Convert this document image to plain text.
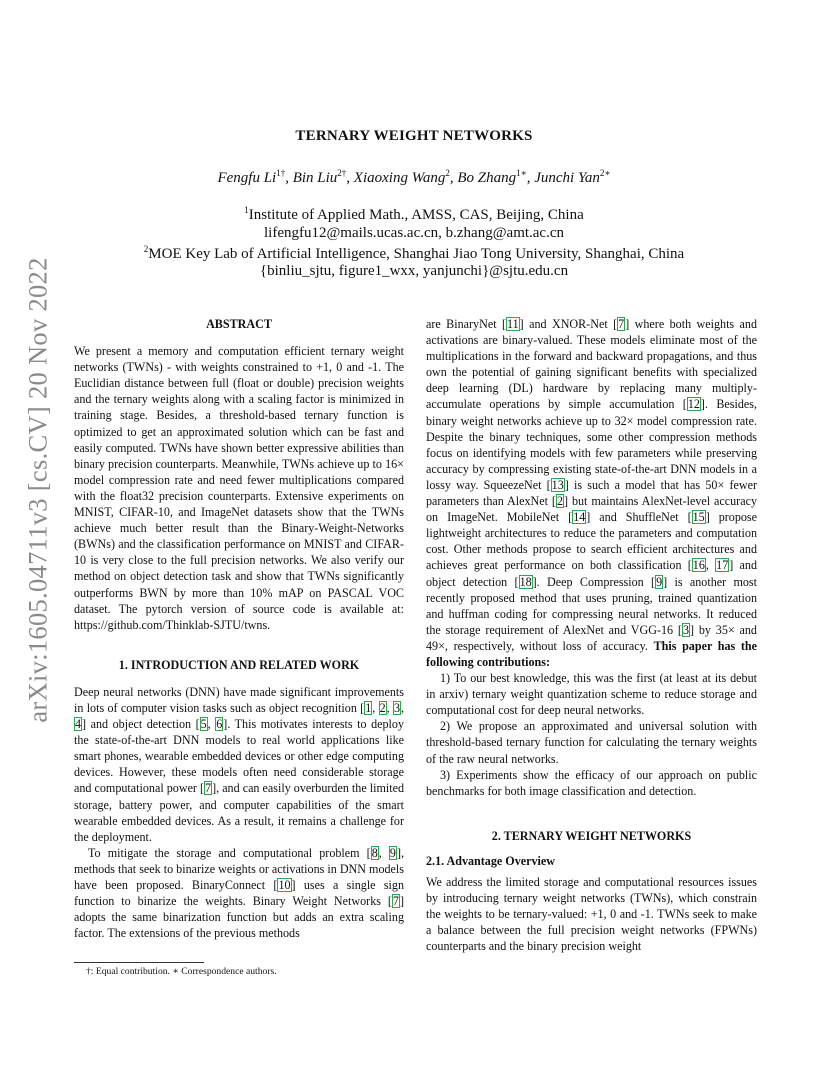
arXiv:1605.04711v3 [cs.CV] 20 Nov 2022
TERNARY WEIGHT NETWORKS
Fengfu $Li^{1\dagger}$, Bin Liu$^{2\dagger}$, Xiaoxing Wang$^2$, Bo Zhang$^{1∗}$, Junchi Yan$^{2∗}$
$^1$Institute of Applied Math., AMSS, CAS, Beijing, China
lifengfu12@mails.ucas.ac.cn, b.zhang@amt.ac.cn
$^2$MOE Key Lab of Artificial Intelligence, Shanghai Jiao Tong University, Shanghai, China
{binliu_sjtu, figure1_wxx, yanjunchi}@sjtu.edu.cn

ABSTRACT

We present a memory and computation efficient ternary weight networks (TWNs) - with weights constrained to +1, 0 and -1. The Euclidian distance between full (float or double) precision weights and the ternary weights along with a scaling factor is minimized in training stage. Besides, a threshold-based ternary function is optimized to get an approximated solution which can be fast and easily computed. TWNs have shown better expressive abilities than binary precision counterparts. Meanwhile, TWNs achieve up to 16× model compression rate and need fewer multiplications compared with the float32 precision counterparts. Extensive experiments on MNIST, CIFAR-10, and ImageNet datasets show that the TWNs achieve much better result than the Binary-Weight-Networks (BWNs) and the classification performance on MNIST and CIFAR-10 is very close to the full precision networks. We also verify our method on object detection task and show that TWNs significantly outperforms BWN by more than 10% mAP on PASCAL VOC dataset. The pytorch version of source code is available at: https://github.com/Thinklab-SJTU/twns.

1. INTRODUCTION AND RELATED WORK

Deep neural networks (DNN) have made significant improvements in lots of computer vision tasks such as object recognition [1, 2, 3, 4] and object detection [5, 6]. This motivates interests to deploy the state-of-the-art DNN models to real world applications like smart phones, wearable embedded devices or other edge computing devices. However, these models often need considerable storage and computational power [7], and can easily overburden the limited storage, battery power, and computer capabilities of the smart wearable embedded devices. As a result, it remains a challenge for the deployment.

To mitigate the storage and computational problem [8, 9], methods that seek to binarize weights or activations in DNN models have been proposed. BinaryConnect [10] uses a single sign function to binarize the weights. Binary Weight Networks [7] adopts the same binarization function but adds an extra scaling factor. The extensions of the previous methods

are BinaryNet [11] and XNOR-Net [7] where both weights and activations are binary-valued. These models eliminate most of the multiplications in the forward and backward propagations, and thus own the potential of gaining significant benefits with specialized deep learning (DL) hardware by replacing many multiply-accumulate operations by simple accumulation [12]. Besides, binary weight networks achieve up to 32× model compression rate. Despite the binary techniques, some other compression methods focus on identifying models with few parameters while preserving accuracy by compressing existing state-of-the-art DNN models in a lossy way. SqueezeNet [13] is such a model that has 50× fewer parameters than AlexNet [2] but maintains AlexNet-level accuracy on ImageNet. MobileNet [14] and ShuffleNet [15] propose lightweight architectures to reduce the parameters and computation cost. Other methods propose to search efficient architectures and achieves great performance on both classification [16, 17] and object detection [18]. Deep Compression [9] is another most recently proposed method that uses pruning, trained quantization and huffman coding for compressing neural networks. It reduced the storage requirement of AlexNet and VGG-16 [3] by 35× and 49×, respectively, without loss of accuracy. This paper has the following contributions:

1) To our best knowledge, this was the first (at least at its debut in arxiv) ternary weight quantization scheme to reduce storage and computational cost for deep neural networks.

2) We propose an approximated and universal solution with threshold-based ternary function for calculating the ternary weights of the raw neural networks.

3) Experiments show the efficacy of our approach on public benchmarks for both image classification and detection.

2. TERNARY WEIGHT NETWORKS

2.1. Advantage Overview

We address the limited storage and computational resources issues by introducing ternary weight networks (TWNs), which constrain the weights to be ternary-valued: +1, 0 and -1. TWNs seek to make a balance between the full precision weight networks (FPWNs) counterparts and the binary precision weight

†: Equal contribution. ∗ Correspondence authors.
